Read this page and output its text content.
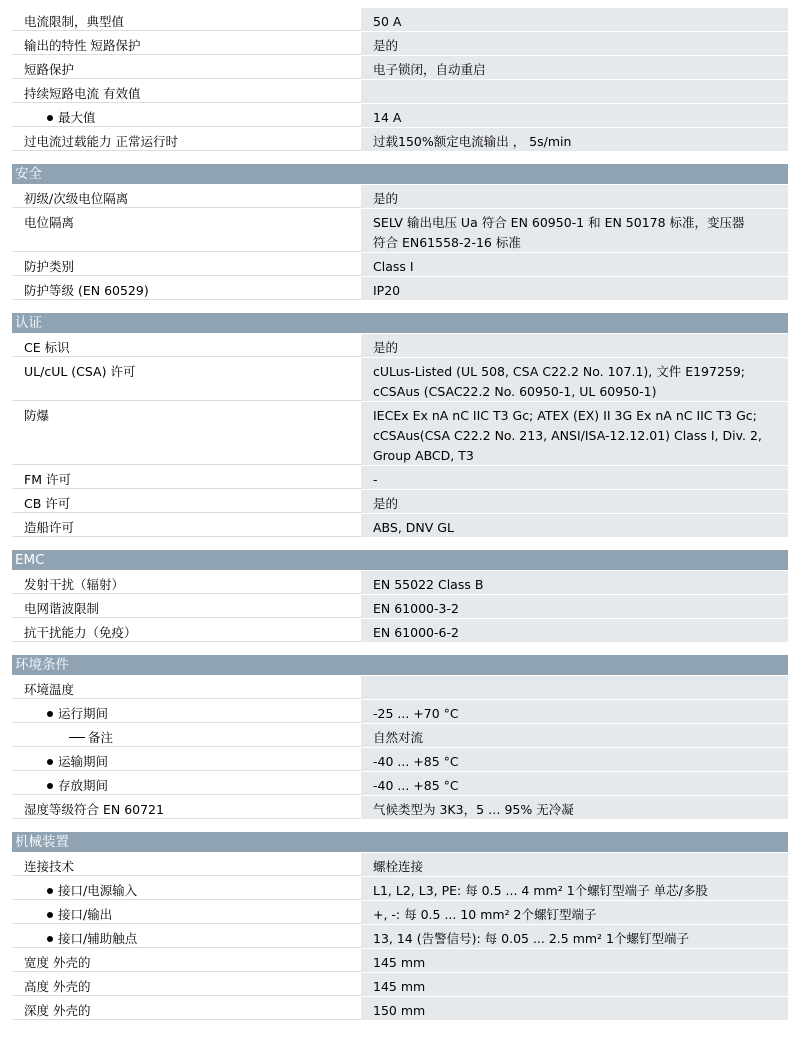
电流限制，典型值	50 A
输出的特性 短路保护	是的
短路保护	电子锁闭，自动重启
持续短路电流 有效值
最大值	14 A
过电流过载能力 正常运行时	过载150%额定电流输出 ， 5s/min
安全
初级/次级电位隔离	是的
电位隔离	SELV 输出电压 Ua 符合 EN 60950-1 和 EN 50178 标准，变压器
符合 EN61558-2-16 标准
防护类别	Class I
防护等级 (EN 60529)	IP20
认证
CE 标识	是的
UL/cUL (CSA) 许可	cULus-Listed (UL 508, CSA C22.2 No. 107.1), 文件 E197259;
cCSAus (CSAC22.2 No. 60950-1, UL 60950-1)
防爆	IECEx Ex nA nC IIC T3 Gc; ATEX (EX) II 3G Ex nA nC IIC T3 Gc;
cCSAus(CSA C22.2 No. 213, ANSI/ISA-12.12.01) Class I, Div. 2,
Group ABCD, T3
FM 许可	-
CB 许可	是的
造船许可	ABS, DNV GL
EMC
发射干扰（辐射）	EN 55022 Class B
电网谐波限制	EN 61000-3-2
抗干扰能力（免疫）	EN 61000-6-2
环境条件
环境温度
运行期间	-25 ... +70 °C
备注	自然对流
运输期间	-40 ... +85 °C
存放期间	-40 ... +85 °C
湿度等级符合 EN 60721	气候类型为 3K3，5 … 95% 无冷凝
机械装置
连接技术	螺栓连接
接口/电源输入	L1, L2, L3, PE: 每 0.5 ... 4 mm² 1个螺钉型端子 单芯/多股
接口/输出	+, -: 每 0.5 ... 10 mm² 2个螺钉型端子
接口/辅助触点	13, 14 (告警信号): 每 0.05 ... 2.5 mm² 1个螺钉型端子
宽度 外壳的	145 mm
高度 外壳的	145 mm
深度 外壳的	150 mm
